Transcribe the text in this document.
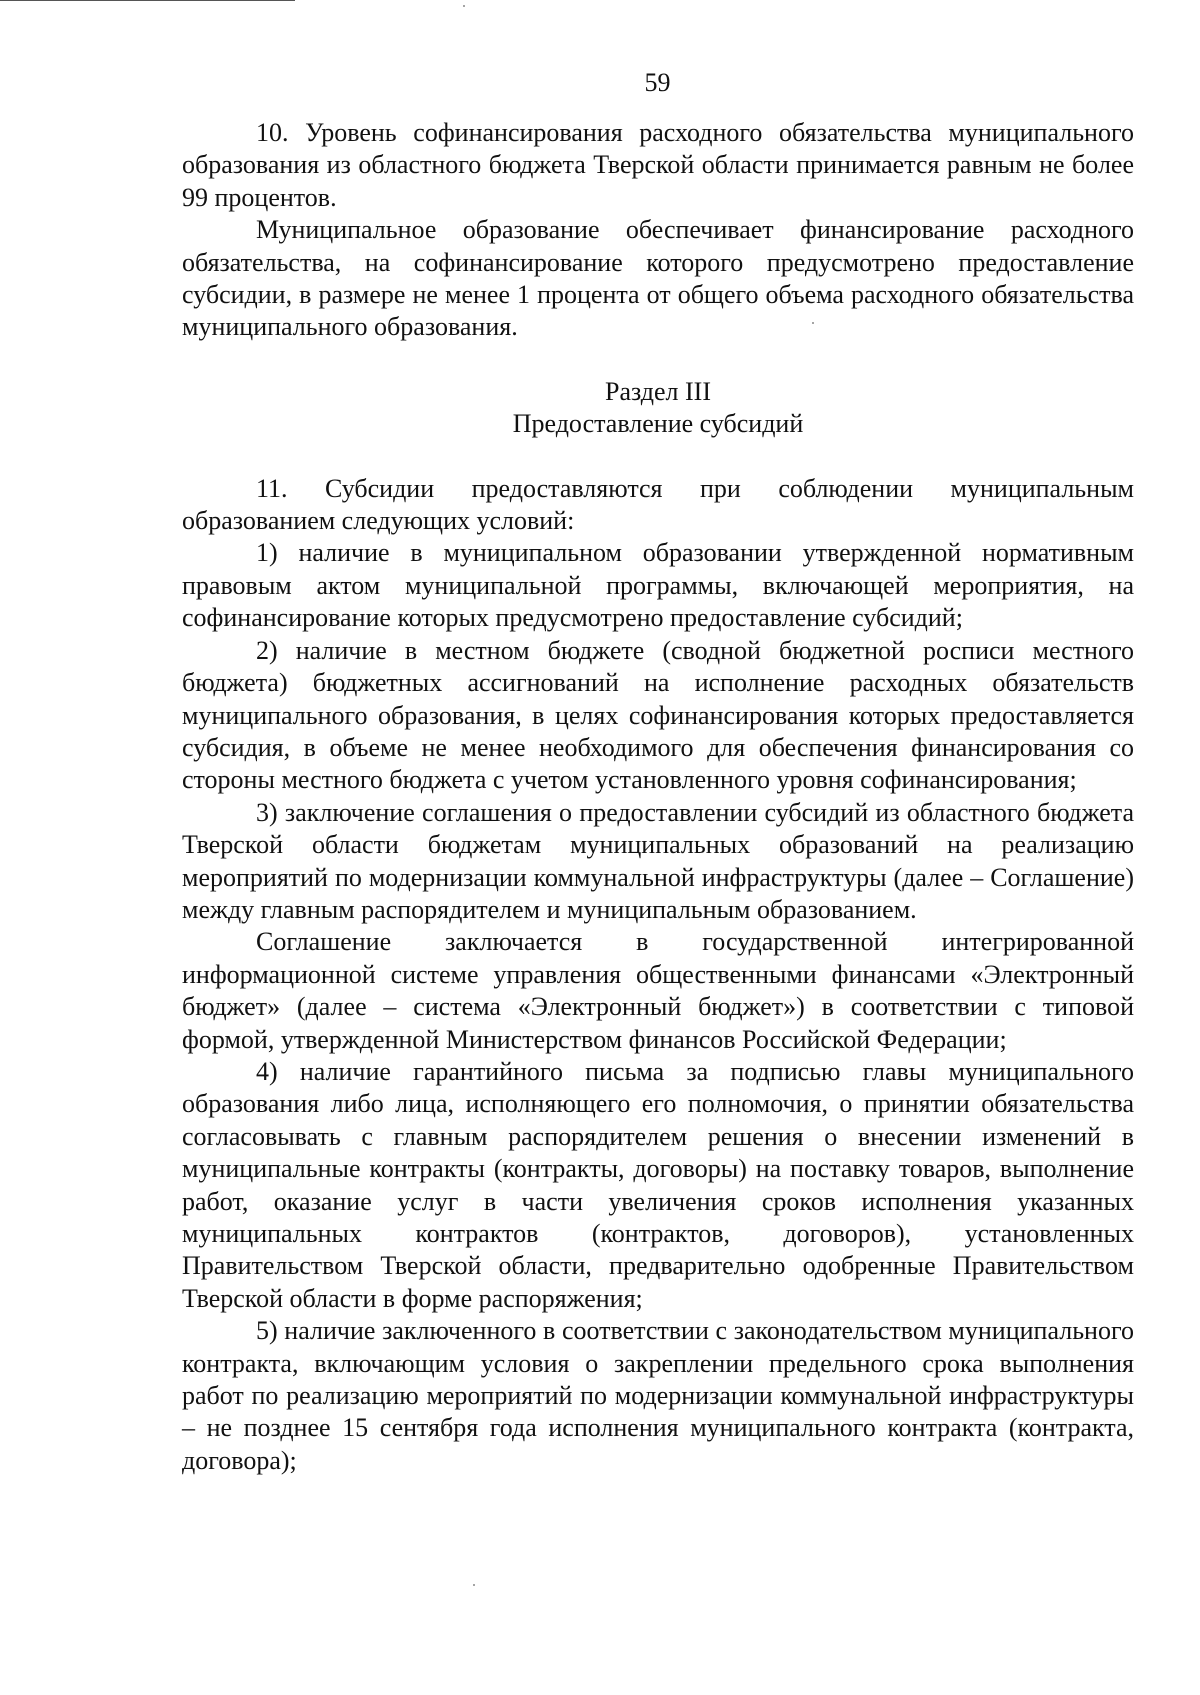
59

10. Уровень софинансирования расходного обязательства муниципального образования из областного бюджета Тверской области принимается равным не более 99 процентов.

Муниципальное образование обеспечивает финансирование расходного обязательства, на софинансирование которого предусмотрено предоставление субсидии, в размере не менее 1 процента от общего объема расходного обязательства муниципального образования.

Раздел III
Предоставление субсидий

11. Субсидии предоставляются при соблюдении муниципальным образованием следующих условий:

1) наличие в муниципальном образовании утвержденной нормативным правовым актом муниципальной программы, включающей мероприятия, на софинансирование которых предусмотрено предоставление субсидий;

2) наличие в местном бюджете (сводной бюджетной росписи местного бюджета) бюджетных ассигнований на исполнение расходных обязательств муниципального образования, в целях софинансирования которых предоставляется субсидия, в объеме не менее необходимого для обеспечения финансирования со стороны местного бюджета с учетом установленного уровня софинансирования;

3) заключение соглашения о предоставлении субсидий из областного бюджета Тверской области бюджетам муниципальных образований на реализацию мероприятий по модернизации коммунальной инфраструктуры (далее – Соглашение) между главным распорядителем и муниципальным образованием.

Соглашение заключается в государственной интегрированной информационной системе управления общественными финансами «Электронный бюджет» (далее – система «Электронный бюджет») в соответствии с типовой формой, утвержденной Министерством финансов Российской Федерации;

4) наличие гарантийного письма за подписью главы муниципального образования либо лица, исполняющего его полномочия, о принятии обязательства согласовывать с главным распорядителем решения о внесении изменений в муниципальные контракты (контракты, договоры) на поставку товаров, выполнение работ, оказание услуг в части увеличения сроков исполнения указанных муниципальных контрактов (контрактов, договоров), установленных Правительством Тверской области, предварительно одобренные Правительством Тверской области в форме распоряжения;

5) наличие заключенного в соответствии с законодательством муниципального контракта, включающим условия о закреплении предельного срока выполнения работ по реализацию мероприятий по модернизации коммунальной инфраструктуры – не позднее 15 сентября года исполнения муниципального контракта (контракта, договора);
